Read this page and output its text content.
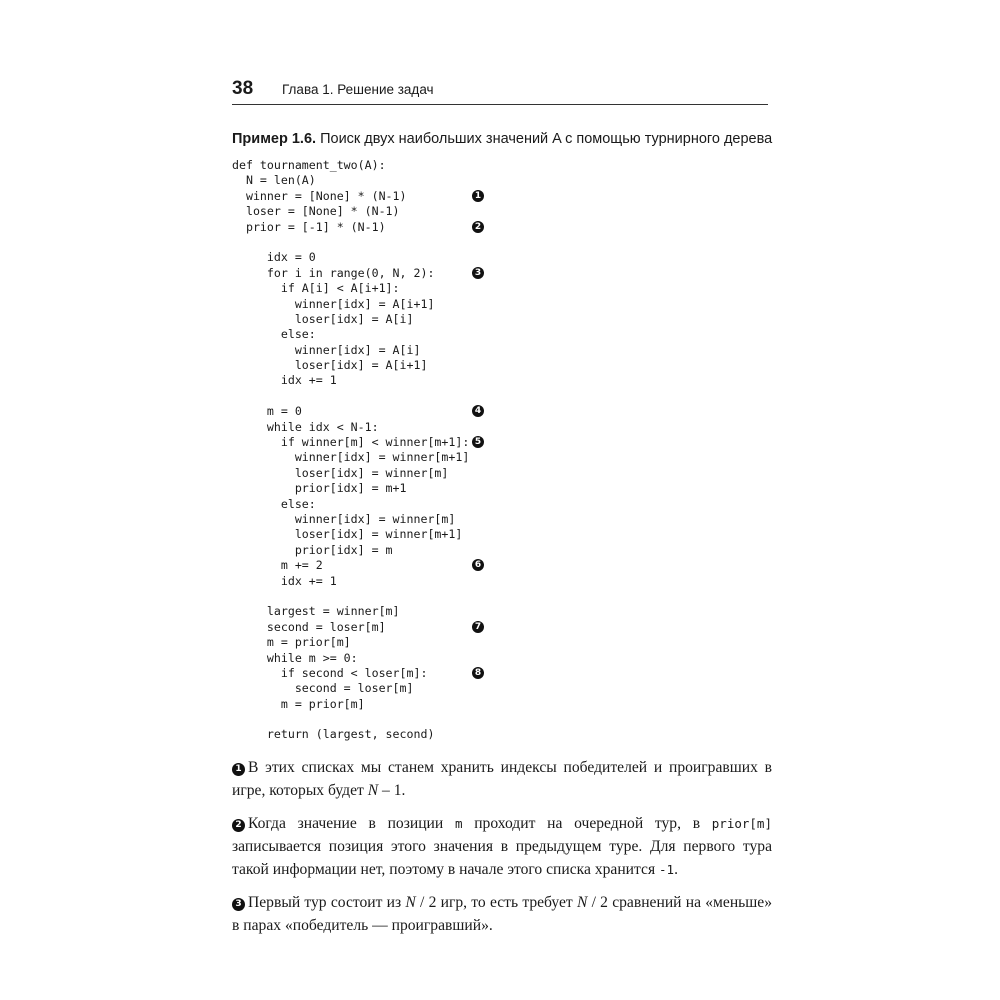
38 Глава 1. Решение задач
Пример 1.6. Поиск двух наибольших значений A с помощью турнирного дерева
def tournament_two(A):
N = len(A)
winner = [None] * (N-1)	1
loser = [None] * (N-1)
prior = [-1] * (N-1)	2
idx = 0
for i in range(0, N, 2):	3
if A[i] < A[i+1]:
winner[idx] = A[i+1]
loser[idx] = A[i]
else:
winner[idx] = A[i]
loser[idx] = A[i+1]
idx += 1
m = 0	4
while idx < N-1:
if winner[m] < winner[m+1]: 5
winner[idx] = winner[m+1]
loser[idx] = winner[m]
prior[idx] = m+1
else:
winner[idx] = winner[m]
loser[idx] = winner[m+1]
prior[idx] = m
m += 2	6
idx += 1
largest = winner[m]
second = loser[m]	7
m = prior[m]
while m >= 0:
if second < loser[m]:	8
second = loser[m]
m = prior[m]
return (largest, second)
1 В этих списках мы станем хранить индексы победителей и проигравших в игре, которых будет N – 1.
2 Когда значение в позиции m проходит на очередной тур, в prior[m] записывается позиция этого значения в предыдущем туре. Для первого тура такой информации нет, поэтому в начале этого списка хранится -1.
3 Первый тур состоит из N / 2 игр, то есть требует N / 2 сравнений на «меньше» в парах «победитель — проигравший».
